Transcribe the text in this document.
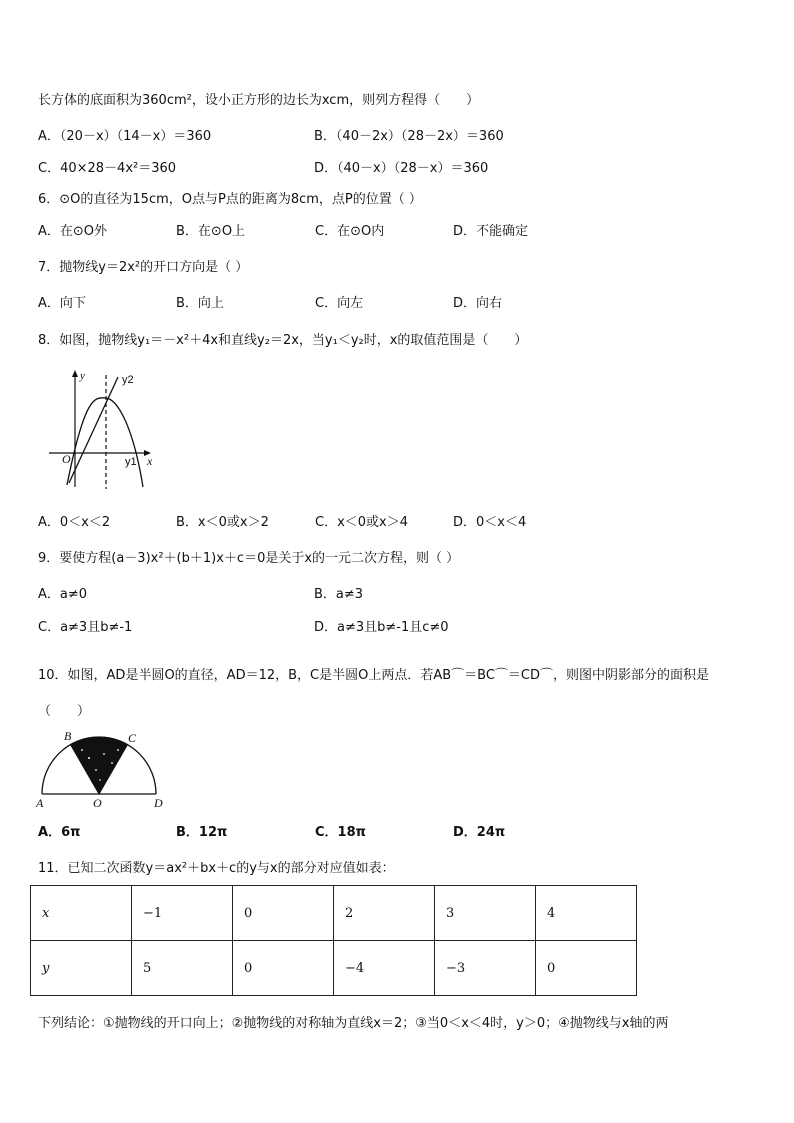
长方体的底面积为360cm²，设小正方形的边长为xcm，则列方程得（　　）
A．（20－x）（14－x）＝360	B．（40－2x）（28－2x）＝360
C．40×28－4x²＝360	D．（40－x）（28－x）＝360
6．⊙O的直径为15cm，O点与P点的距离为8cm，点P的位置（ ）
A．在⊙O外	B．在⊙O上	C．在⊙O内	D．不能确定
7．抛物线y＝2x²的开口方向是（ ）
A．向下	B．向上	C．向左	D．向右
8．如图，抛物线y₁＝－x²＋4x和直线y₂＝2x，当y₁＜y₂时，x的取值范围是（　　）
y	y2
O	y1 x
A．0＜x＜2	B．x＜0或x＞2	C．x＜0或x＞4	D．0＜x＜4
9．要使方程(a－3)x²＋(b＋1)x＋c＝0是关于x的一元二次方程，则（ ）
A．a≠0	B．a≠3
C．a≠3且b≠-1	D．a≠3且b≠-1且c≠0
10．如图，AD是半圆O的直径，AD＝12，B，C是半圆O上两点．若AB⌒＝BC⌒＝CD⌒，则图中阴影部分的面积是
（　　）
A
B	C
O	D
A．6π	B．12π	C．18π	D．24π
11．已知二次函数y＝ax²＋bx＋c的y与x的部分对应值如表：
x	−1	0	2	3	4
y	5	0	−4	−3	0
下列结论：①抛物线的开口向上；②抛物线的对称轴为直线x＝2；③当0＜x＜4时，y＞0；④抛物线与x轴的两
